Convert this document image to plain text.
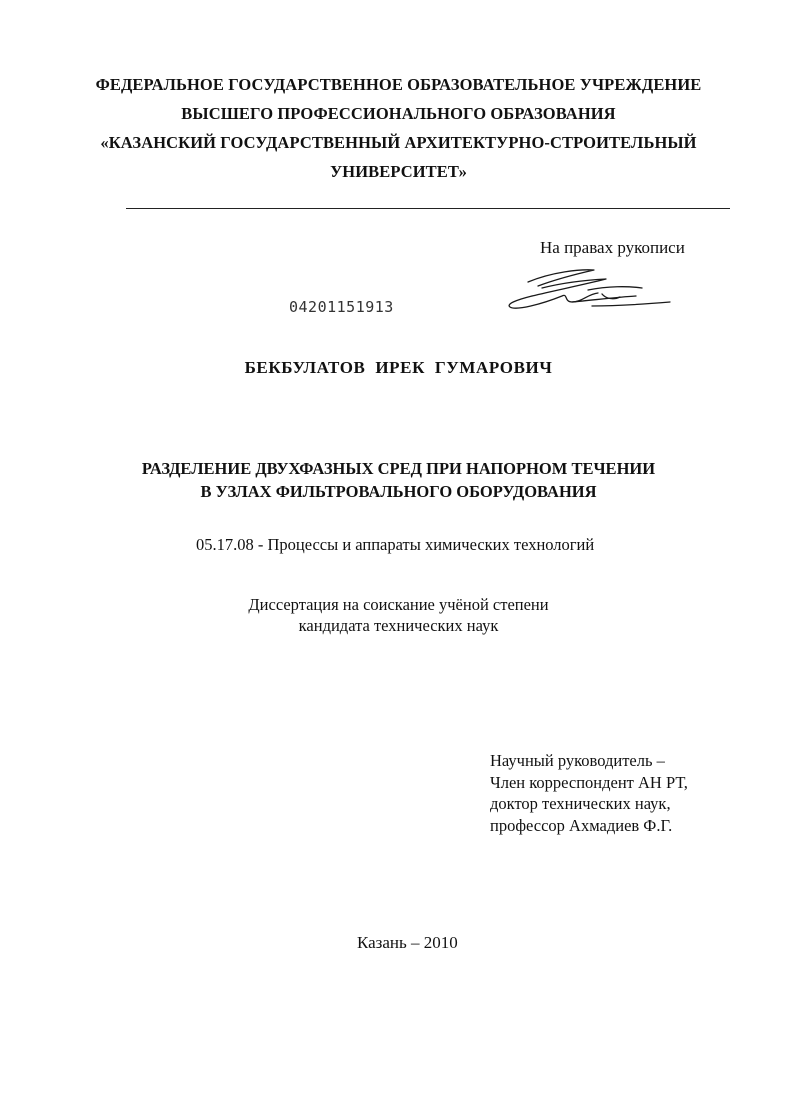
ФЕДЕРАЛЬНОЕ ГОСУДАРСТВЕННОЕ ОБРАЗОВАТЕЛЬНОЕ УЧРЕЖДЕНИЕ
ВЫСШЕГО ПРОФЕССИОНАЛЬНОГО ОБРАЗОВАНИЯ
«КАЗАНСКИЙ ГОСУДАРСТВЕННЫЙ АРХИТЕКТУРНО-СТРОИТЕЛЬНЫЙ
УНИВЕРСИТЕТ»
На правах рукописи
04201151913
БЕКБУЛАТОВ ИРЕК ГУМАРОВИЧ
РАЗДЕЛЕНИЕ ДВУХФАЗНЫХ СРЕД ПРИ НАПОРНОМ ТЕЧЕНИИ
В УЗЛАХ ФИЛЬТРОВАЛЬНОГО ОБОРУДОВАНИЯ
05.17.08 - Процессы и аппараты химических технологий
Диссертация на соискание учёной степени
кандидата технических наук
Научный руководитель –
Член корреспондент АН РТ,
доктор технических наук,
профессор Ахмадиев Ф.Г.
Казань – 2010
